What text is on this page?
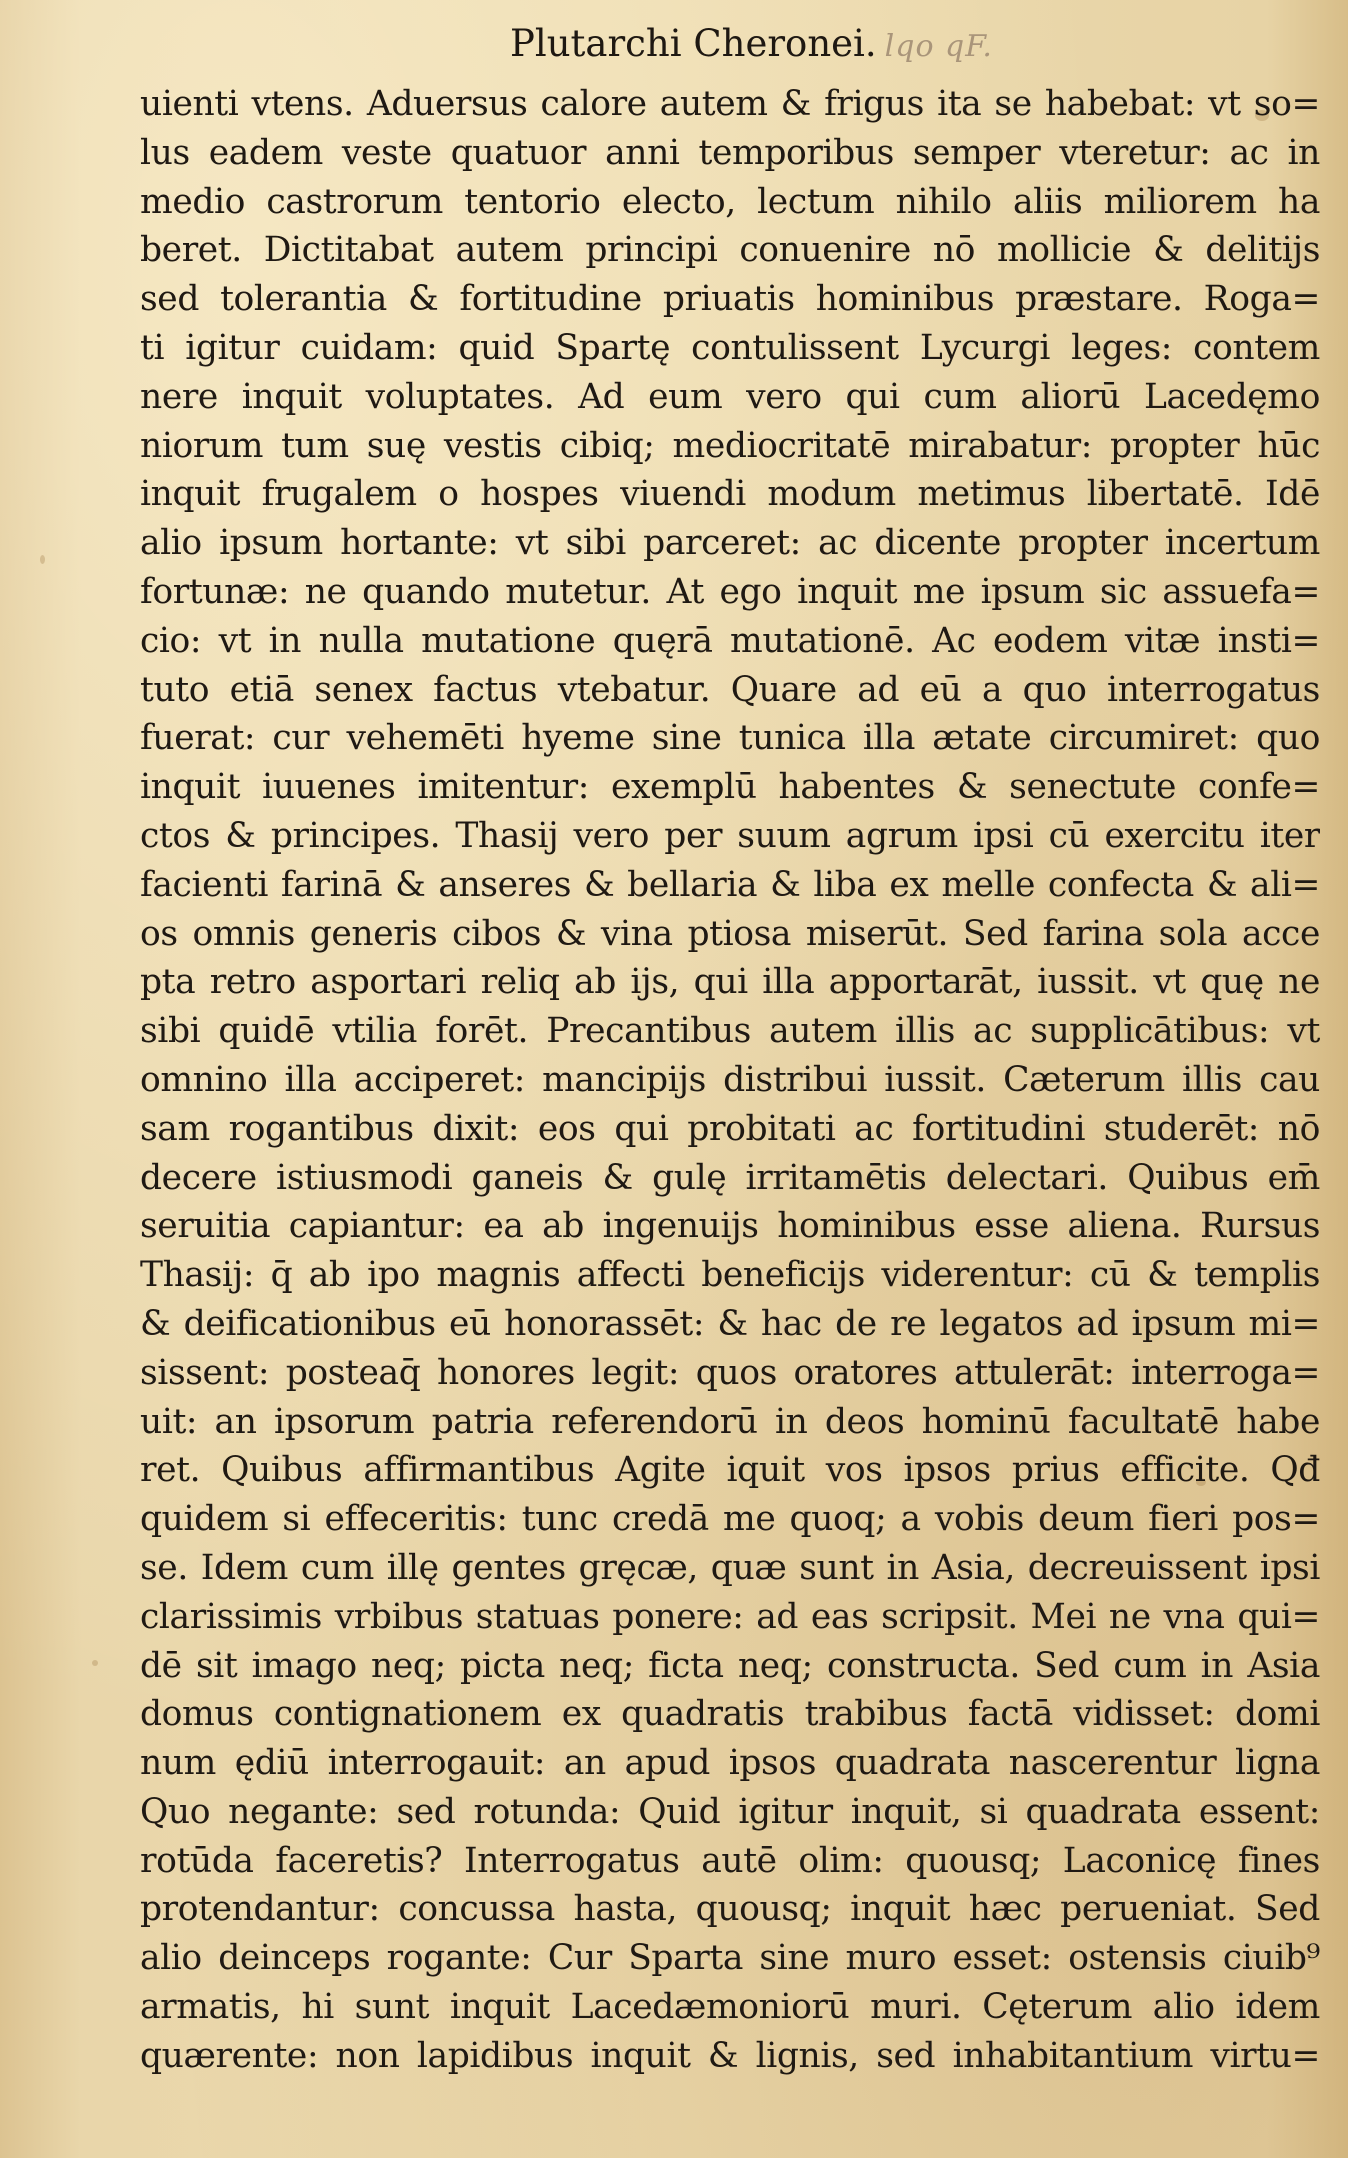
Plutarchi Cheronei. lqo qF.
uienti vtens. Aduersus calore autem & frigus ita se habebat: vt so=
lus eadem veste quatuor anni temporibus semper vteretur: ac in
medio castrorum tentorio electo, lectum nihilo aliis miliorem ha
beret. Dictitabat autem principi conuenire nō mollicie & delitijs
sed tolerantia & fortitudine priuatis hominibus præstare. Roga=
ti igitur cuidam: quid Spartę contulissent Lycurgi leges: contem
nere inquit voluptates. Ad eum vero qui cum aliorū Lacedęmo
niorum tum suę vestis cibiq; mediocritatē mirabatur: propter hūc
inquit frugalem o hospes viuendi modum metimus libertatē. Idē
alio ipsum hortante: vt sibi parceret: ac dicente propter incertum
fortunæ: ne quando mutetur. At ego inquit me ipsum sic assuefa=
cio: vt in nulla mutatione quęrā mutationē. Ac eodem vitæ insti=
tuto etiā senex factus vtebatur. Quare ad eū a quo interrogatus
fuerat: cur vehemēti hyeme sine tunica illa ætate circumiret: quo
inquit iuuenes imitentur: exemplū habentes & senectute confe=
ctos & principes. Thasij vero per suum agrum ipsi cū exercitu iter
facienti farinā & anseres & bellaria & liba ex melle confecta & ali=
os omnis generis cibos & vina ptiosa miserūt. Sed farina sola acce
pta retro asportari reliq ab ijs, qui illa apportarāt, iussit. vt quę ne
sibi quidē vtilia forēt. Precantibus autem illis ac supplicātibus: vt
omnino illa acciperet: mancipijs distribui iussit. Cæterum illis cau
sam rogantibus dixit: eos qui probitati ac fortitudini studerēt: nō
decere istiusmodi ganeis & gulę irritamētis delectari. Quibus em̄
seruitia capiantur: ea ab ingenuijs hominibus esse aliena. Rursus
Thasij: q̄ ab ipo magnis affecti beneficijs viderentur: cū & templis
& deificationibus eū honorassēt: & hac de re legatos ad ipsum mi=
sissent: posteaq̄ honores legit: quos oratores attulerāt: interroga=
uit: an ipsorum patria referendorū in deos hominū facultatē habe
ret. Quibus affirmantibus Agite iquit vos ipsos prius efficite. Qđ
quidem si effeceritis: tunc credā me quoq; a vobis deum fieri pos=
se. Idem cum illę gentes gręcæ, quæ sunt in Asia, decreuissent ipsi
clarissimis vrbibus statuas ponere: ad eas scripsit. Mei ne vna qui=
dē sit imago neq; picta neq; ficta neq; constructa. Sed cum in Asia
domus contignationem ex quadratis trabibus factā vidisset: domi
num ędiū interrogauit: an apud ipsos quadrata nascerentur ligna
Quo negante: sed rotunda: Quid igitur inquit, si quadrata essent:
rotūda faceretis? Interrogatus autē olim: quousq; Laconicę fines
protendantur: concussa hasta, quousq; inquit hæc perueniat. Sed
alio deinceps rogante: Cur Sparta sine muro esset: ostensis ciuib⁹
armatis, hi sunt inquit Lacedæmoniorū muri. Cęterum alio idem
quærente: non lapidibus inquit & lignis, sed inhabitantium virtu=
